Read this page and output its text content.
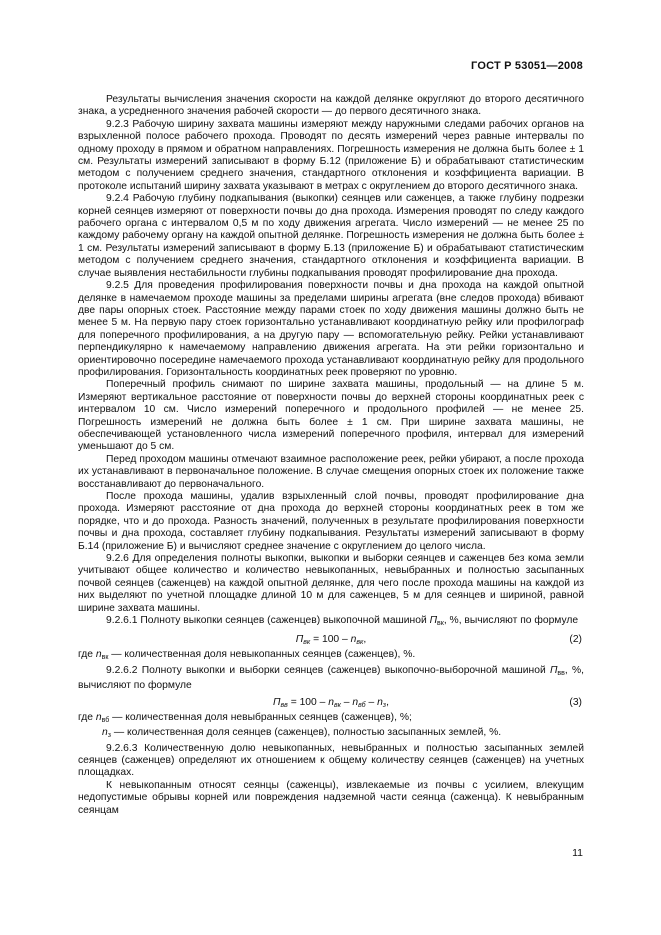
ГОСТ Р 53051—2008

Результаты вычисления значения скорости на каждой делянке округляют до второго десятичного знака, а усредненного значения рабочей скорости — до первого десятичного знака.

9.2.3 Рабочую ширину захвата машины измеряют между наружными следами рабочих органов на взрыхленной полосе рабочего прохода. Проводят по десять измерений через равные интервалы по одному проходу в прямом и обратном направлениях. Погрешность измерения не должна быть более ± 1 см. Результаты измерений записывают в форму Б.12 (приложение Б) и обрабатывают статистическим методом с получением среднего значения, стандартного отклонения и коэффициента вариации. В протоколе испытаний ширину захвата указывают в метрах с округлением до второго десятичного знака.

9.2.4 Рабочую глубину подкапывания (выкопки) сеянцев или саженцев, а также глубину подрезки корней сеянцев измеряют от поверхности почвы до дна прохода. Измерения проводят по следу каждого рабочего органа с интервалом 0,5 м по ходу движения агрегата. Число измерений — не менее 25 по каждому рабочему органу на каждой опытной делянке. Погрешность измерения не должна быть более ± 1 см. Результаты измерений записывают в форму Б.13 (приложение Б) и обрабатывают статистическим методом с получением среднего значения, стандартного отклонения и коэффициента вариации. В случае выявления нестабильности глубины подкапывания проводят профилирование дна прохода.

9.2.5 Для проведения профилирования поверхности почвы и дна прохода на каждой опытной делянке в намечаемом проходе машины за пределами ширины агрегата (вне следов прохода) вбивают две пары опорных стоек. Расстояние между парами стоек по ходу движения машины должно быть не менее 5 м. На первую пару стоек горизонтально устанавливают координатную рейку или профилограф для поперечного профилирования, а на другую пару — вспомогательную рейку. Рейки устанавливают перпендикулярно к намечаемому направлению движения агрегата. На эти рейки горизонтально и ориентировочно посередине намечаемого прохода устанавливают координатную рейку для продольного профилирования. Горизонтальность координатных реек проверяют по уровню.

Поперечный профиль снимают по ширине захвата машины, продольный — на длине 5 м. Измеряют вертикальное расстояние от поверхности почвы до верхней стороны координатных реек с интервалом 10 см. Число измерений поперечного и продольного профилей — не менее 25. Погрешность измерений не должна быть более ± 1 см. При ширине захвата машины, не обеспечивающей установленного числа измерений поперечного профиля, интервал для измерений уменьшают до 5 см.

Перед проходом машины отмечают взаимное расположение реек, рейки убирают, а после прохода их устанавливают в первоначальное положение. В случае смещения опорных стоек их положение также восстанавливают до первоначального.

После прохода машины, удалив взрыхленный слой почвы, проводят профилирование дна прохода. Измеряют расстояние от дна прохода до верхней стороны координатных реек в том же порядке, что и до прохода. Разность значений, полученных в результате профилирования поверхности почвы и дна прохода, составляет глубину подкапывания. Результаты измерений записывают в форму Б.14 (приложение Б) и вычисляют среднее значение с округлением до целого числа.

9.2.6 Для определения полноты выкопки, выкопки и выборки сеянцев и саженцев без кома земли учитывают общее количество и количество невыкопанных, невыбранных и полностью засыпанных почвой сеянцев (саженцев) на каждой опытной делянке, для чего после прохода машины на каждой из них выделяют по учетной площадке длиной 10 м для саженцев, 5 м для сеянцев и шириной, равной ширине захвата машины.

9.2.6.1 Полноту выкопки сеянцев (саженцев) выкопочной машиной $П_{вк}$, %, вычисляют по формуле

$П_{вк} = 100 - n_{вк}$,	(2)

где $n_{вк}$ — количественная доля невыкопанных сеянцев (саженцев), %.

9.2.6.2 Полноту выкопки и выборки сеянцев (саженцев) выкопочно-выборочной машиной $П_{вв}$, %, вычисляют по формуле

$П_{вв} = 100 - n_{вк} - n_{вб} - n_з$,	(3)

где $n_{вб}$ — количественная доля невыбранных сеянцев (саженцев), %;

$n_з$ — количественная доля сеянцев (саженцев), полностью засыпанных землей, %.

9.2.6.3 Количественную долю невыкопанных, невыбранных и полностью засыпанных землей сеянцев (саженцев) определяют их отношением к общему количеству сеянцев (саженцев) на учетных площадках.

К невыкопанным относят сеянцы (саженцы), извлекаемые из почвы с усилием, влекущим недопустимые обрывы корней или повреждения надземной части сеянца (саженца). К невыбранным сеянцам

11
